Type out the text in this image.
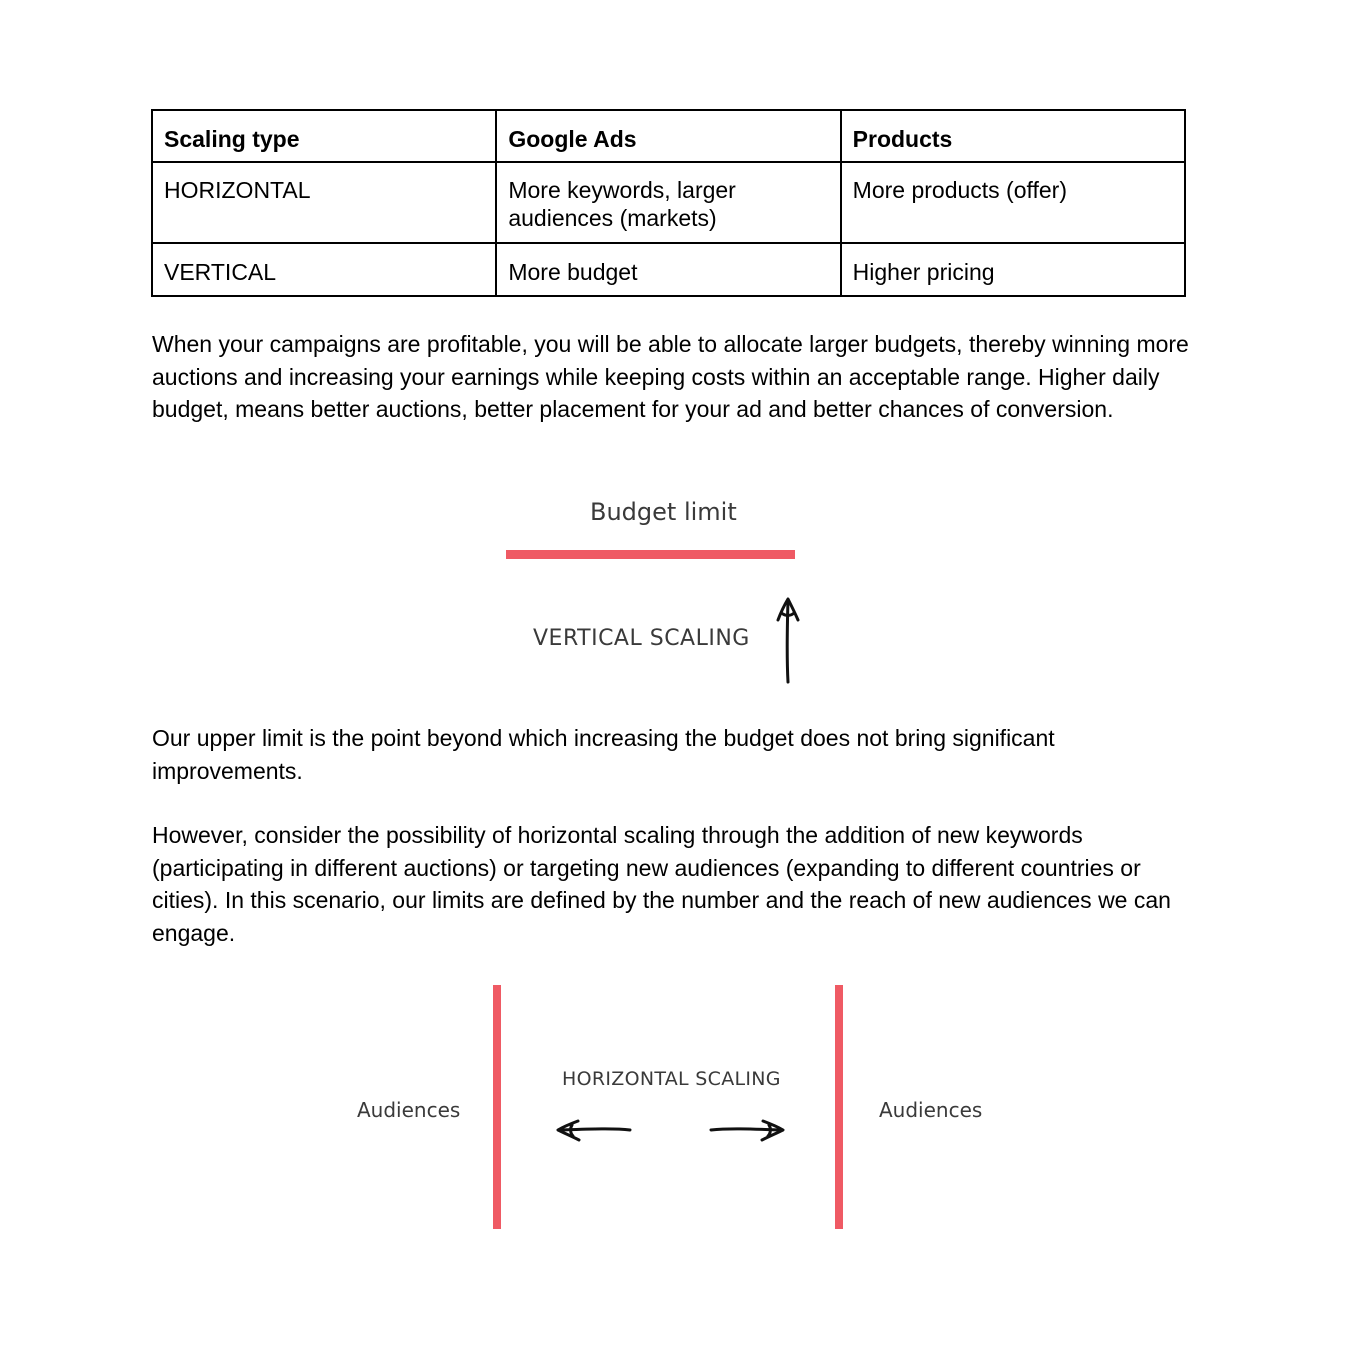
Scaling type	Google Ads	Products
HORIZONTAL	More keywords, larger audiences (markets)	More products (offer)
VERTICAL	More budget	Higher pricing

When your campaigns are profitable, you will be able to allocate larger budgets, thereby winning more auctions and increasing your earnings while keeping costs within an acceptable range. Higher daily budget, means better auctions, better placement for your ad and better chances of conversion.

Budget limit
VERTICAL SCALING

Our upper limit is the point beyond which increasing the budget does not bring significant improvements.

However, consider the possibility of horizontal scaling through the addition of new keywords (participating in different auctions) or targeting new audiences (expanding to different countries or cities). In this scenario, our limits are defined by the number and the reach of new audiences we can engage.

Audiences	Audiences
HORIZONTAL SCALING
